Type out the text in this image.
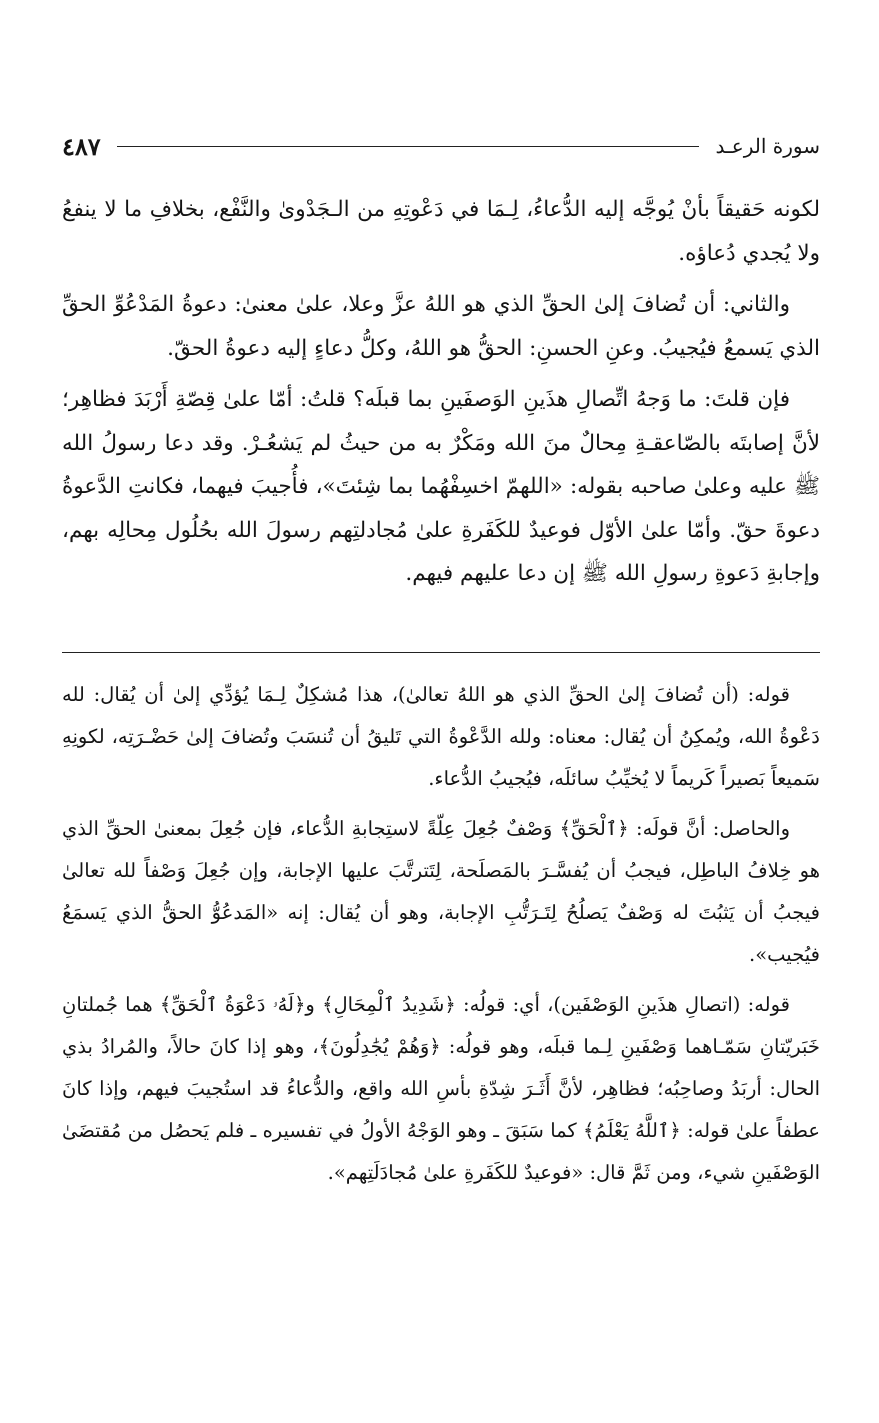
٤٨٧	سورة الرعـد

لكونه حَقيقاً بأنْ يُوجَّه إليه الدُّعاءُ، لِـمَا في دَعْوتِهِ من الـجَدْوىٰ والنَّفْع، بخلافِ ما لا ينفعُ ولا يُجدي دُعاؤه.

والثاني: أن تُضافَ إلىٰ الحقِّ الذي هو اللهُ عزَّ وعلا، علىٰ معنىٰ: دعوةُ المَدْعُوِّ الحقِّ الذي يَسمعُ فيُجيبُ. وعنِ الحسنِ: الحقُّ هو اللهُ، وكلُّ دعاءٍ إليه دعوةُ الحقّ.

فإن قلتَ: ما وَجهُ اتِّصالِ هذَينِ الوَصفَينِ بما قبلَه؟ قلتُ: أمّا علىٰ قِصّةِ أَرْبَدَ فظاهِر؛ لأنَّ إصابتَه بالصّاعقـةِ مِحالٌ منَ الله ومَكْرٌ به من حيثُ لم يَشعُـرْ. وقد دعا رسولُ الله ﷺ عليه وعلىٰ صاحبه بقوله: «اللهمّ اخسِفْهُما بما شِئتَ»، فأُجيبَ فيهما، فكانتِ الدَّعوةُ دعوةَ حقّ. وأمّا علىٰ الأوّل فوعيدٌ للكَفَرةِ علىٰ مُجادلتِهم رسولَ الله بحُلُول مِحالِه بهم، وإجابةِ دَعوةِ رسولِ الله ﷺ إن دعا عليهم فيهم.

قوله: (أن تُضافَ إلىٰ الحقِّ الذي هو اللهُ تعالىٰ)، هذا مُشكِلٌ لِـمَا يُؤدِّي إلىٰ أن يُقال: لله دَعْوةُ الله، ويُمكِنُ أن يُقال: معناه: ولله الدَّعْوةُ التي تَليقُ أن تُنسَبَ وتُضافَ إلىٰ حَضْـرَتِه، لكونِهِ سَميعاً بَصيراً كَريماً لا يُخيِّبُ سائلَه، فيُجيبُ الدُّعاء.

والحاصل: أنَّ قولَه: ﴿ٱلْحَقِّ﴾ وَصْفٌ جُعِلَ عِلّةً لاستِجابةِ الدُّعاء، فإن جُعِلَ بمعنىٰ الحقِّ الذي هو خِلافُ الباطِل، فيجبُ أن يُفسَّـرَ بالمَصلَحة، لِتَترتَّبَ عليها الإجابة، وإن جُعِلَ وَصْفاً لله تعالىٰ فيجبُ أن يَثبُتَ له وَصْفٌ يَصلُحُ لِتَـرَتُّبِ الإجابة، وهو أن يُقال: إنه «المَدعُوُّ الحقُّ الذي يَسمَعُ فيُجيب».

قوله: (اتصالِ هذَينِ الوَصْفَين)، أي: قولُه: ﴿شَدِيدُ ٱلْمِحَالِ﴾ و﴿لَهُۥ دَعْوَةُ ٱلْحَقِّ﴾ هما جُملتانِ خَبَريّتانِ سَمّـاهما وَصْفَينِ لِـما قبلَه، وهو قولُه: ﴿وَهُمْ يُجَٰدِلُونَ﴾، وهو إذا كانَ حالاً، والمُرادُ بذي الحال: أربَدُ وصاحِبُه؛ فظاهِر، لأنَّ أَثَـرَ شِدّةِ بأسِ الله واقع، والدُّعاءُ قد استُجيبَ فيهم، وإذا كانَ عطفاً علىٰ قوله: ﴿ٱللَّهُ يَعْلَمُ﴾ كما سَبَقَ ـ وهو الوَجْهُ الأولُ في تفسيره ـ فلم يَحصُل من مُقتضَىٰ الوَصْفَينِ شيء، ومن ثَمَّ قال: «فوعيدٌ للكَفَرةِ علىٰ مُجادَلَتِهم».
